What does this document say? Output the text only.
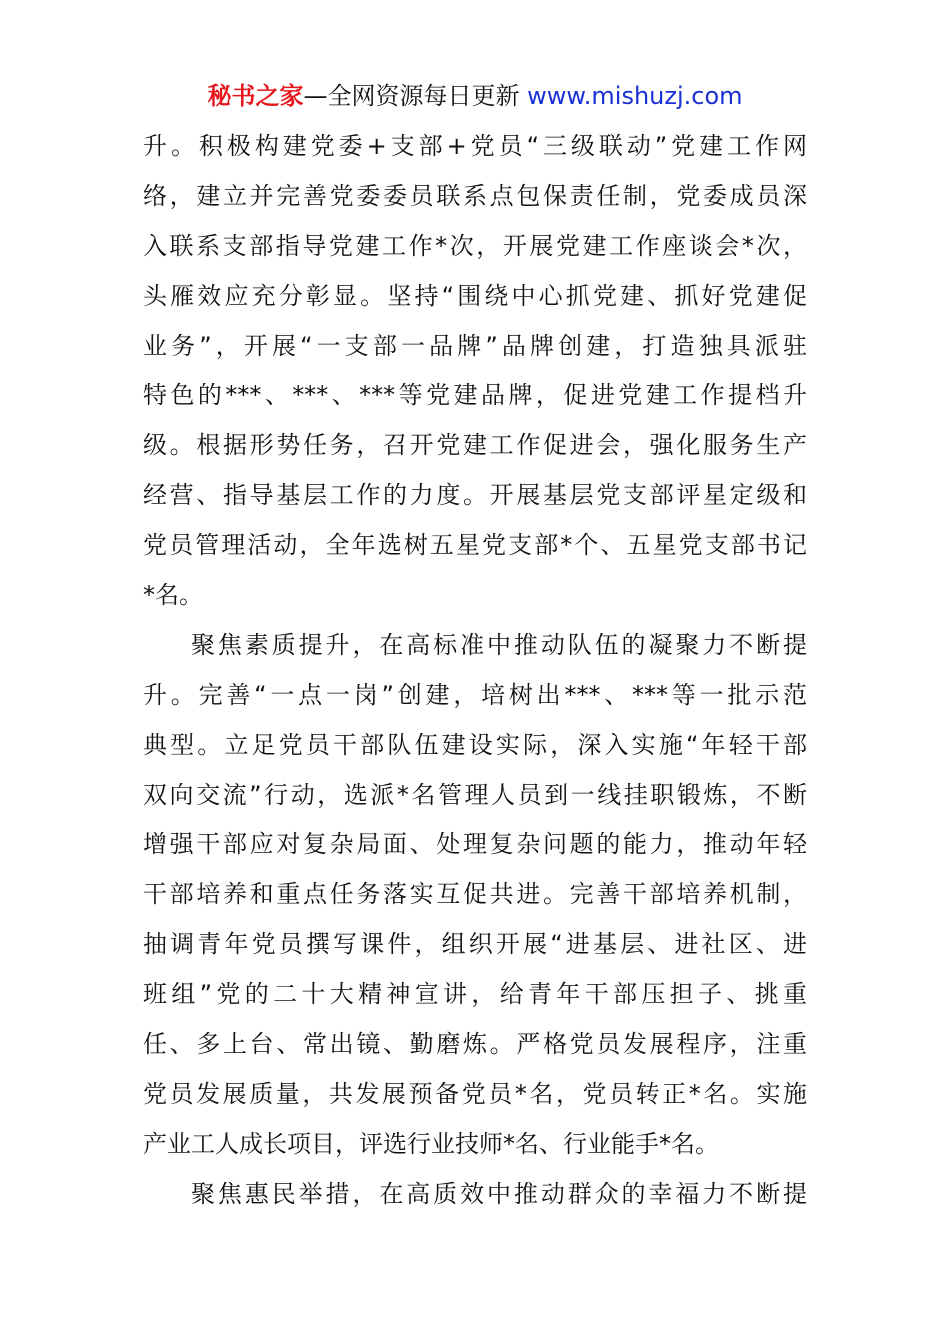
秘书之家—全网资源每日更新 www.mishuzj.com
升。积极构建党委+支部+党员“三级联动”党建工作网
络，建立并完善党委委员联系点包保责任制，党委成员深
入联系支部指导党建工作*次，开展党建工作座谈会*次，
头雁效应充分彰显。坚持“围绕中心抓党建、抓好党建促
业务”，开展“一支部一品牌”品牌创建，打造独具派驻
特色的***、***、***等党建品牌，促进党建工作提档升
级。根据形势任务，召开党建工作促进会，强化服务生产
经营、指导基层工作的力度。开展基层党支部评星定级和
党员管理活动，全年选树五星党支部*个、五星党支部书记
*名。
聚焦素质提升，在高标准中推动队伍的凝聚力不断提
升。完善“一点一岗”创建，培树出***、***等一批示范
典型。立足党员干部队伍建设实际，深入实施“年轻干部
双向交流”行动，选派*名管理人员到一线挂职锻炼，不断
增强干部应对复杂局面、处理复杂问题的能力，推动年轻
干部培养和重点任务落实互促共进。完善干部培养机制，
抽调青年党员撰写课件，组织开展“进基层、进社区、进
班组”党的二十大精神宣讲，给青年干部压担子、挑重
任、多上台、常出镜、勤磨炼。严格党员发展程序，注重
党员发展质量，共发展预备党员*名，党员转正*名。实施
产业工人成长项目，评选行业技师*名、行业能手*名。
聚焦惠民举措，在高质效中推动群众的幸福力不断提
